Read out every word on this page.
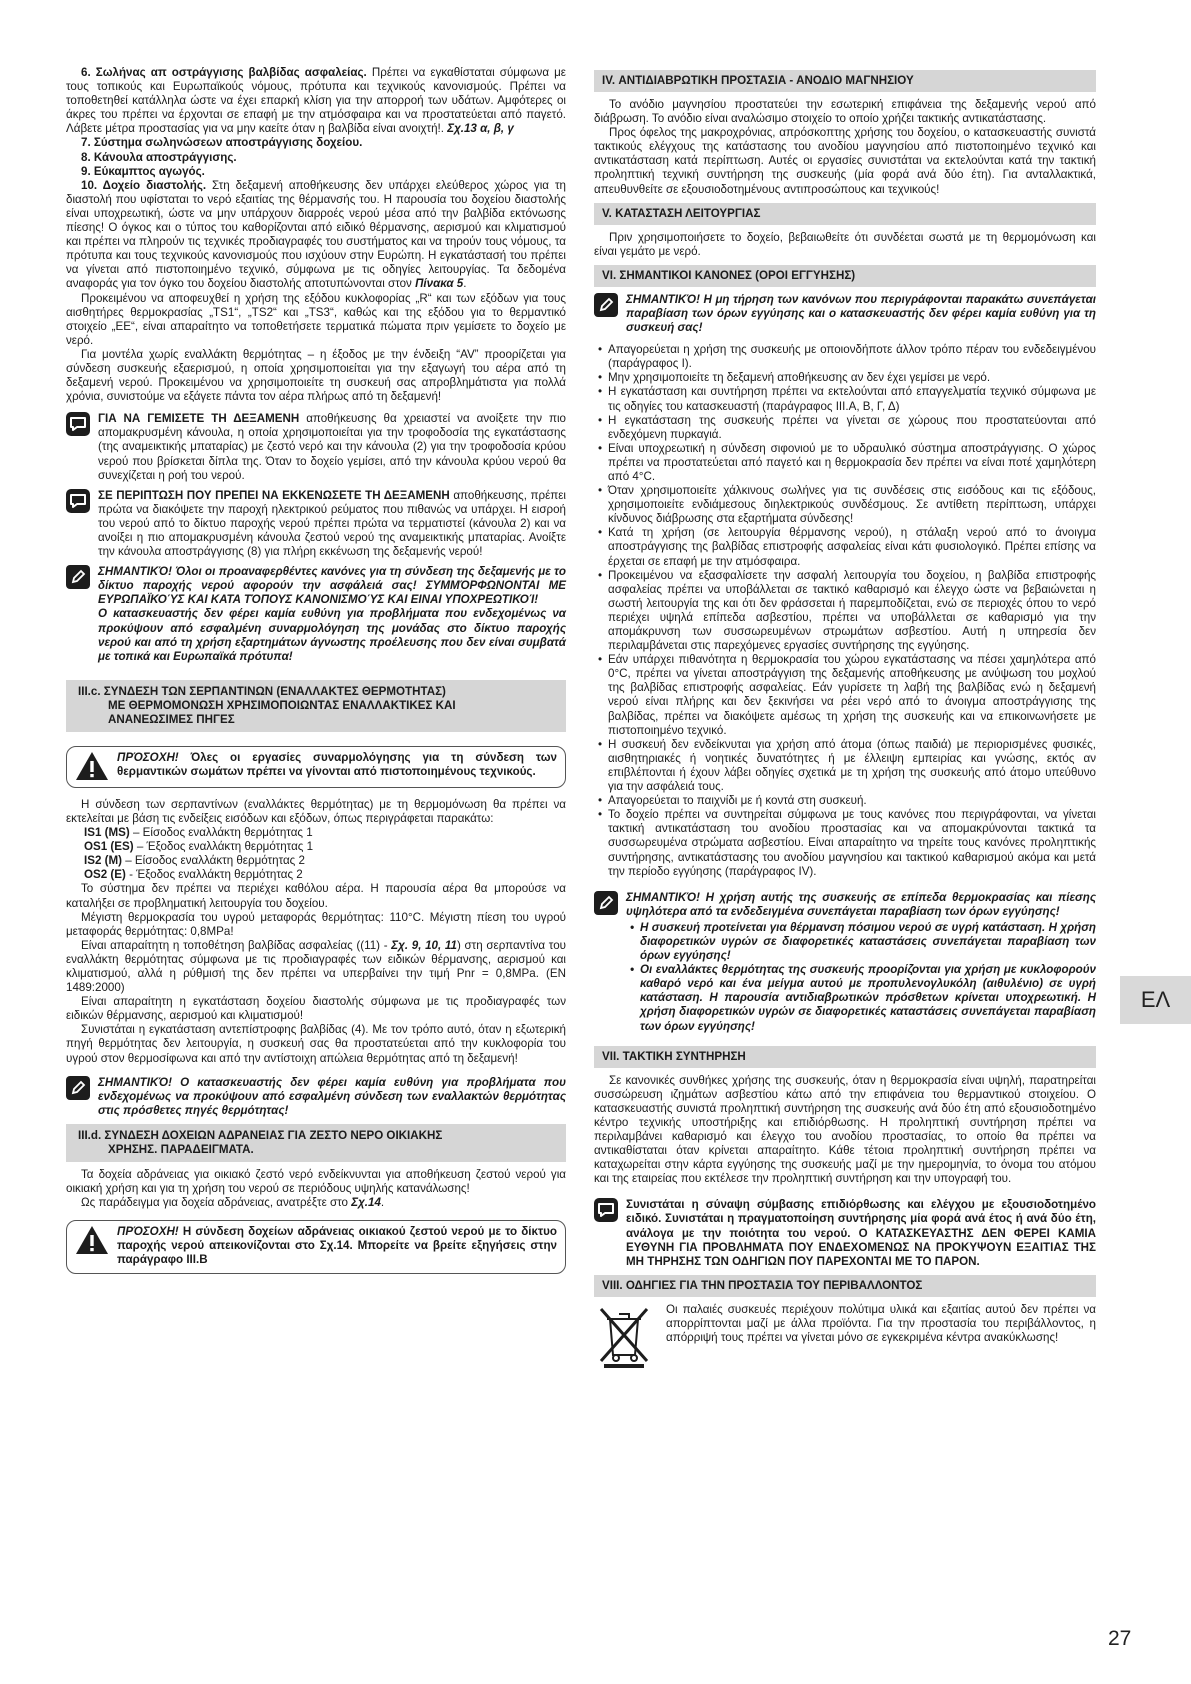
6. Σωλήνας απ οστράγγισης βαλβίδας ασφαλείας. Πρέπει να εγκαθίσταται σύμφωνα με τους τοπικούς και Ευρωπαϊκούς νόμους, πρότυπα και τεχνικούς κανονισμούς. Πρέπει να τοποθετηθεί κατάλληλα ώστε να έχει επαρκή κλίση για την απορροή των υδάτων. Αμφότερες οι άκρες του πρέπει να έρχονται σε επαφή με την ατμόσφαιρα και να προστατεύεται από παγετό. Λάβετε μέτρα προστασίας για να μην καείτε όταν η βαλβίδα είναι ανοιχτή!. Σχ.13 α, β, γ

7. Σύστημα σωληνώσεων αποστράγγισης δοχείου.

8. Κάνουλα αποστράγγισης.

9. Εύκαμπτος αγωγός.

10. Δοχείο διαστολής. Στη δεξαμενή αποθήκευσης δεν υπάρχει ελεύθερος χώρος για τη διαστολή που υφίσταται το νερό εξαιτίας της θέρμανσής του. Η παρουσία του δοχείου διαστολής είναι υποχρεωτική, ώστε να μην υπάρχουν διαρροές νερού μέσα από την βαλβίδα εκτόνωσης πίεσης! Ο όγκος και ο τύπος του καθορίζονται από ειδικό θέρμανσης, αερισμού και κλιματισμού και πρέπει να πληρούν τις τεχνικές προδιαγραφές του συστήματος και να τηρούν τους νόμους, τα πρότυπα και τους τεχνικούς κανονισμούς που ισχύουν στην Ευρώπη. Η εγκατάστασή του πρέπει να γίνεται από πιστοποιημένο τεχνικό, σύμφωνα με τις οδηγίες λειτουργίας. Τα δεδομένα αναφοράς για τον όγκο του δοχείου διαστολής αποτυπώνονται στον Πίνακα 5.

Προκειμένου να αποφευχθεί η χρήση της εξόδου κυκλοφορίας „R“ και των εξόδων για τους αισθητήρες θερμοκρασίας „TS1“, „TS2“ και „TS3“, καθώς και της εξόδου για το θερμαντικό στοιχείο „EE“, είναι απαραίτητο να τοποθετήσετε τερματικά πώματα πριν γεμίσετε το δοχείο με νερό.

Για μοντέλα χωρίς εναλλάκτη θερμότητας – η έξοδος με την ένδειξη “AV” προορίζεται για σύνδεση συσκευής εξαερισμού, η οποία χρησιμοποιείται για την εξαγωγή του αέρα από τη δεξαμενή νερού. Προκειμένου να χρησιμοποιείτε τη συσκευή σας απροβλημάτιστα για πολλά χρόνια, συνιστούμε να εξάγετε πάντα τον αέρα πλήρως από τη δεξαμενή!

ΓΙΑ ΝΑ ΓΕΜΙΣΕΤΕ ΤΗ ΔΕΞΑΜΕΝΗ αποθήκευσης θα χρειαστεί να ανοίξετε την πιο απομακρυσμένη κάνουλα, η οποία χρησιμοποιείται για την τροφοδοσία της εγκατάστασης (της αναμεικτικής μπαταρίας) με ζεστό νερό και την κάνουλα (2) για την τροφοδοσία κρύου νερού που βρίσκεται δίπλα της. Όταν το δοχείο γεμίσει, από την κάνουλα κρύου νερού θα συνεχίζεται η ροή του νερού.
ΣΕ ΠΕΡΙΠΤΩΣΗ ΠΟΥ ΠΡΕΠΕΙ ΝΑ ΕΚΚΕΝΩΣΕΤΕ ΤΗ ΔΕΞΑΜΕΝΗ αποθήκευσης, πρέπει πρώτα να διακόψετε την παροχή ηλεκτρικού ρεύματος που πιθανώς να υπάρχει. Η εισροή του νερού από το δίκτυο παροχής νερού πρέπει πρώτα να τερματιστεί (κάνουλα 2) και να ανοίξει η πιο απομακρυσμένη κάνουλα ζεστού νερού της αναμεικτικής μπαταρίας. Ανοίξτε την κάνουλα αποστράγγισης (8) για πλήρη εκκένωση της δεξαμενής νερού!
ΣΗΜΑΝΤΙΚΌ! Όλοι οι προαναφερθέντες κανόνες για τη σύνδεση της δεξαμενής με το δίκτυο παροχής νερού αφορούν την ασφάλειά σας! ΣΥΜΜΌΡΦΩΝΟΝΤΑΙ ΜΕ ΕΥΡΩΠΑΪΚΟΎΣ ΚΑΙ ΚΑΤΑ ΤΌΠΟΥΣ ΚΑΝΟΝΙΣΜΟΎΣ ΚΑΙ ΕΙΝΑΙ ΥΠΟΧΡΕΩΤΙΚΟΊ!
Ο κατασκευαστής δεν φέρει καμία ευθύνη για προβλήματα που ενδεχομένως να προκύψουν από εσφαλμένη συναρμολόγηση της μονάδας στο δίκτυο παροχής νερού και από τη χρήση εξαρτημάτων άγνωστης προέλευσης που δεν είναι συμβατά με τοπικά και Ευρωπαϊκά πρότυπα!
III.c. ΣΥΝΔΕΣΗ ΤΩΝ ΣΕΡΠΑΝΤΙΝΩΝ (ΕΝΑΛΛΑΚΤΕΣ ΘΕΡΜΟΤΗΤΑΣ)
ΜΕ ΘΕΡΜΟΜΟΝΩΣΗ ΧΡΗΣΙΜΟΠΟΙΩΝΤΑΣ ΕΝΑΛΛΑΚΤΙΚΕΣ ΚΑΙ
ΑΝΑΝΕΩΣΙΜΕΣ ΠΗΓΕΣ
ΠΡΌΣΟΧΗ! Όλες οι εργασίες συναρμολόγησης για τη σύνδεση των θερμαντικών σωμάτων πρέπει να γίνονται από πιστοποιημένους τεχνικούς.

Η σύνδεση των σερπαντίνων (εναλλάκτες θερμότητας) με τη θερμομόνωση θα πρέπει να εκτελείται με βάση τις ενδείξεις εισόδων και εξόδων, όπως περιγράφεται παρακάτω:

IS1 (MS) – Είσοδος εναλλάκτη θερμότητας 1

OS1 (ES) – Έξοδος εναλλάκτη θερμότητας 1

IS2 (M) – Είσοδος εναλλάκτη θερμότητας 2

OS2 (E) - Έξοδος εναλλάκτη θερμότητας 2

Το σύστημα δεν πρέπει να περιέχει καθόλου αέρα. Η παρουσία αέρα θα μπορούσε να καταλήξει σε προβληματική λειτουργία του δοχείου.

Μέγιστη θερμοκρασία του υγρού μεταφοράς θερμότητας: 110°C. Μέγιστη πίεση του υγρού μεταφοράς θερμότητας: 0,8MPa!

Είναι απαραίτητη η τοποθέτηση βαλβίδας ασφαλείας ((11) - Σχ. 9, 10, 11) στη σερπαντίνα του εναλλάκτη θερμότητας σύμφωνα με τις προδιαγραφές των ειδικών θέρμανσης, αερισμού και κλιματισμού, αλλά η ρύθμισή της δεν πρέπει να υπερβαίνει την τιμή Pnr = 0,8MPa. (EN 1489:2000)

Είναι απαραίτητη η εγκατάσταση δοχείου διαστολής σύμφωνα με τις προδιαγραφές των ειδικών θέρμανσης, αερισμού και κλιματισμού!

Συνιστάται η εγκατάσταση αντεπίστροφης βαλβίδας (4). Με τον τρόπο αυτό, όταν η εξωτερική πηγή θερμότητας δεν λειτουργία, η συσκευή σας θα προστατεύεται από την κυκλοφορία του υγρού στον θερμοσίφωνα και από την αντίστοιχη απώλεια θερμότητας από τη δεξαμενή!

ΣΗΜΑΝΤΙΚΌ! Ο κατασκευαστής δεν φέρει καμία ευθύνη για προβλήματα που ενδεχομένως να προκύψουν από εσφαλμένη σύνδεση των εναλλακτών θερμότητας στις πρόσθετες πηγές θερμότητας!
III.d. ΣΥΝΔΕΣΗ ΔΟΧΕΙΩΝ ΑΔΡΑΝΕΙΑΣ ΓΙΑ ΖΕΣΤΟ ΝΕΡΟ ΟΙΚΙΑΚΗΣ
ΧΡΗΣΗΣ. ΠΑΡΑΔΕΙΓΜΑΤΑ.

Τα δοχεία αδράνειας για οικιακό ζεστό νερό ενδείκνυνται για αποθήκευση ζεστού νερού για οικιακή χρήση και για τη χρήση του νερού σε περιόδους υψηλής κατανάλωσης!

Ως παράδειγμα για δοχεία αδράνειας, ανατρέξτε στο Σχ.14.

ΠΡΌΣΟΧΗ! Η σύνδεση δοχείων αδράνειας οικιακού ζεστού νερού με το δίκτυο παροχής νερού απεικονίζονται στο Σχ.14. Μπορείτε να βρείτε εξηγήσεις στην παράγραφο III.B
IV. ΑΝΤΙΔΙΑΒΡΩΤΙΚΗ ΠΡΟΣΤΑΣΙΑ - ΑΝΟΔΙΟ ΜΑΓΝΗΣΙΟΥ

Το ανόδιο μαγνησίου προστατεύει την εσωτερική επιφάνεια της δεξαμενής νερού από διάβρωση. Το ανόδιο είναι αναλώσιμο στοιχείο το οποίο χρήζει τακτικής αντικατάστασης.

Προς όφελος της μακροχρόνιας, απρόσκοπτης χρήσης του δοχείου, ο κατασκευαστής συνιστά τακτικούς ελέγχους της κατάστασης του ανοδίου μαγνησίου από πιστοποιημένο τεχνικό και αντικατάσταση κατά περίπτωση. Αυτές οι εργασίες συνιστάται να εκτελούνται κατά την τακτική προληπτική τεχνική συντήρηση της συσκευής (μία φορά ανά δύο έτη). Για ανταλλακτικά, απευθυνθείτε σε εξουσιοδοτημένους αντιπροσώπους και τεχνικούς!

V. ΚΑΤΑΣΤΑΣΗ ΛΕΙΤΟΥΡΓΙΑΣ

Πριν χρησιμοποιήσετε το δοχείο, βεβαιωθείτε ότι συνδέεται σωστά με τη θερμομόνωση και είναι γεμάτο με νερό.

VI. ΣΗΜΑΝΤΙΚΟΙ ΚΑΝΟΝΕΣ (ΟΡΟΙ ΕΓΓΥΗΣΗΣ)
ΣΗΜΑΝΤΙΚΌ! Η μη τήρηση των κανόνων που περιγράφονται παρακάτω συνεπάγεται παραβίαση των όρων εγγύησης και ο κατασκευαστής δεν φέρει καμία ευθύνη για τη συσκευή σας!
• Απαγορεύεται η χρήση της συσκευής με οποιονδήποτε άλλον τρόπο πέραν του ενδεδειγμένου (παράγραφος I).
• Μην χρησιμοποιείτε τη δεξαμενή αποθήκευσης αν δεν έχει γεμίσει με νερό.
• Η εγκατάσταση και συντήρηση πρέπει να εκτελούνται από επαγγελματία τεχνικό σύμφωνα με τις οδηγίες του κατασκευαστή (παράγραφος III.A, B, Γ, Δ)
• Η εγκατάσταση της συσκευής πρέπει να γίνεται σε χώρους που προστατεύονται από ενδεχόμενη πυρκαγιά.
• Είναι υποχρεωτική η σύνδεση σιφονιού με το υδραυλικό σύστημα αποστράγγισης. Ο χώρος πρέπει να προστατεύεται από παγετό και η θερμοκρασία δεν πρέπει να είναι ποτέ χαμηλότερη από 4°C.
• Όταν χρησιμοποιείτε χάλκινους σωλήνες για τις συνδέσεις στις εισόδους και τις εξόδους, χρησιμοποιείτε ενδιάμεσους διηλεκτρικούς συνδέσμους. Σε αντίθετη περίπτωση, υπάρχει κίνδυνος διάβρωσης στα εξαρτήματα σύνδεσης!
• Κατά τη χρήση (σε λειτουργία θέρμανσης νερού), η στάλαξη νερού από το άνοιγμα αποστράγγισης της βαλβίδας επιστροφής ασφαλείας είναι κάτι φυσιολογικό. Πρέπει επίσης να έρχεται σε επαφή με την ατμόσφαιρα.
• Προκειμένου να εξασφαλίσετε την ασφαλή λειτουργία του δοχείου, η βαλβίδα επιστροφής ασφαλείας πρέπει να υποβάλλεται σε τακτικό καθαρισμό και έλεγχο ώστε να βεβαιώνεται η σωστή λειτουργία της και ότι δεν φράσσεται ή παρεμποδίζεται, ενώ σε περιοχές όπου το νερό περιέχει υψηλά επίπεδα ασβεστίου, πρέπει να υποβάλλεται σε καθαρισμό για την απομάκρυνση των συσσωρευμένων στρωμάτων ασβεστίου. Αυτή η υπηρεσία δεν περιλαμβάνεται στις παρεχόμενες εργασίες συντήρησης της εγγύησης.
• Εάν υπάρχει πιθανότητα η θερμοκρασία του χώρου εγκατάστασης να πέσει χαμηλότερα από 0°C, πρέπει να γίνεται αποστράγγιση της δεξαμενής αποθήκευσης με ανύψωση του μοχλού της βαλβίδας επιστροφής ασφαλείας. Εάν γυρίσετε τη λαβή της βαλβίδας ενώ η δεξαμενή νερού είναι πλήρης και δεν ξεκινήσει να ρέει νερό από το άνοιγμα αποστράγγισης της βαλβίδας, πρέπει να διακόψετε αμέσως τη χρήση της συσκευής και να επικοινωνήσετε με πιστοποιημένο τεχνικό.
• Η συσκευή δεν ενδείκνυται για χρήση από άτομα (όπως παιδιά) με περιορισμένες φυσικές, αισθητηριακές ή νοητικές δυνατότητες ή με έλλειψη εμπειρίας και γνώσης, εκτός αν επιβλέπονται ή έχουν λάβει οδηγίες σχετικά με τη χρήση της συσκευής από άτομο υπεύθυνο για την ασφάλειά τους.
• Απαγορεύεται το παιχνίδι με ή κοντά στη συσκευή.
• Το δοχείο πρέπει να συντηρείται σύμφωνα με τους κανόνες που περιγράφονται, να γίνεται τακτική αντικατάσταση του ανοδίου προστασίας και να απομακρύνονται τακτικά τα συσσωρευμένα στρώματα ασβεστίου. Είναι απαραίτητο να τηρείτε τους κανόνες προληπτικής συντήρησης, αντικατάστασης του ανοδίου μαγνησίου και τακτικού καθαρισμού ακόμα και μετά την περίοδο εγγύησης (παράγραφος IV).
ΣΗΜΑΝΤΙΚΌ! Η χρήση αυτής της συσκευής σε επίπεδα θερμοκρασίας και πίεσης υψηλότερα από τα ενδεδειγμένα συνεπάγεται παραβίαση των όρων εγγύησης!
• Η συσκευή προτείνεται για θέρμανση πόσιμου νερού σε υγρή κατάσταση. Η χρήση διαφορετικών υγρών σε διαφορετικές καταστάσεις συνεπάγεται παραβίαση των όρων εγγύησης!
• Οι εναλλάκτες θερμότητας της συσκευής προορίζονται για χρήση με κυκλοφορούν καθαρό νερό και ένα μείγμα αυτού με προπυλενογλυκόλη (αιθυλένιο) σε υγρή κατάσταση. Η παρουσία αντιδιαβρωτικών πρόσθετων κρίνεται υποχρεωτική. Η χρήση διαφορετικών υγρών σε διαφορετικές καταστάσεις συνεπάγεται παραβίαση των όρων εγγύησης!
VII. ΤΑΚΤΙΚΗ ΣΥΝΤΗΡΗΣΗ

Σε κανονικές συνθήκες χρήσης της συσκευής, όταν η θερμοκρασία είναι υψηλή, παρατηρείται συσσώρευση ιζημάτων ασβεστίου κάτω από την επιφάνεια του θερμαντικού στοιχείου. Ο κατασκευαστής συνιστά προληπτική συντήρηση της συσκευής ανά δύο έτη από εξουσιοδοτημένο κέντρο τεχνικής υποστήριξης και επιδιόρθωσης. Η προληπτική συντήρηση πρέπει να περιλαμβάνει καθαρισμό και έλεγχο του ανοδίου προστασίας, το οποίο θα πρέπει να αντικαθίσταται όταν κρίνεται απαραίτητο. Κάθε τέτοια προληπτική συντήρηση πρέπει να καταχωρείται στην κάρτα εγγύησης της συσκευής μαζί με την ημερομηνία, το όνομα του ατόμου και της εταιρείας που εκτέλεσε την προληπτική συντήρηση και την υπογραφή του.

Συνιστάται η σύναψη σύμβασης επιδιόρθωσης και ελέγχου με εξουσιοδοτημένο ειδικό. Συνιστάται η πραγματοποίηση συντήρησης μία φορά ανά έτος ή ανά δύο έτη, ανάλογα με την ποιότητα του νερού. Ο ΚΑΤΑΣΚΕΥΑΣΤΗΣ ΔΕΝ ΦΕΡΕΙ ΚΑΜΙΑ ΕΥΘΥΝΗ ΓΙΑ ΠΡΟΒΛΗΜΑΤΑ ΠΟΥ ΕΝΔΕΧΟΜΕΝΩΣ ΝΑ ΠΡΟΚΥΨΟΥΝ ΕΞΑΙΤΙΑΣ ΤΗΣ ΜΗ ΤΗΡΗΣΗΣ ΤΩΝ ΟΔΗΓΙΩΝ ΠΟΥ ΠΑΡΕΧΟΝΤΑΙ ΜΕ ΤΟ ΠΑΡΟΝ.
VIII. ΟΔΗΓΙΕΣ ΓΙΑ ΤΗΝ ΠΡΟΣΤΑΣΙΑ ΤΟΥ ΠΕΡΙΒΑΛΛΟΝΤΟΣ

Οι παλαιές συσκευές περιέχουν πολύτιμα υλικά και εξαιτίας αυτού δεν πρέπει να απορρίπτονται μαζί με άλλα προϊόντα. Για την προστασία του περιβάλλοντος, η απόρριψή τους πρέπει να γίνεται μόνο σε εγκεκριμένα κέντρα ανακύκλωσης!

ΕΛ
27
